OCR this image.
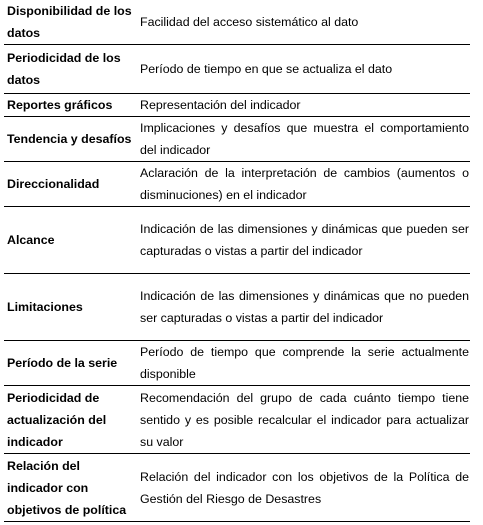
Disponibilidad de los datos	Facilidad del acceso sistemático al dato
Periodicidad de los datos	Período de tiempo en que se actualiza el dato
Reportes gráficos	Representación del indicador
Tendencia y desafíos	Implicaciones y desafíos que muestra el comportamiento del indicador
Direccionalidad	Aclaración de la interpretación de cambios (aumentos o disminuciones) en el indicador
Alcance	Indicación de las dimensiones y dinámicas que pueden ser capturadas o vistas a partir del indicador
Limitaciones	Indicación de las dimensiones y dinámicas que no pueden ser capturadas o vistas a partir del indicador
Período de la serie	Período de tiempo que comprende la serie actualmente disponible
Periodicidad de actualización del indicador	Recomendación del grupo de cada cuánto tiempo tiene sentido y es posible recalcular el indicador para actualizar su valor
Relación del indicador con objetivos de política	Relación del indicador con los objetivos de la Política de Gestión del Riesgo de Desastres
